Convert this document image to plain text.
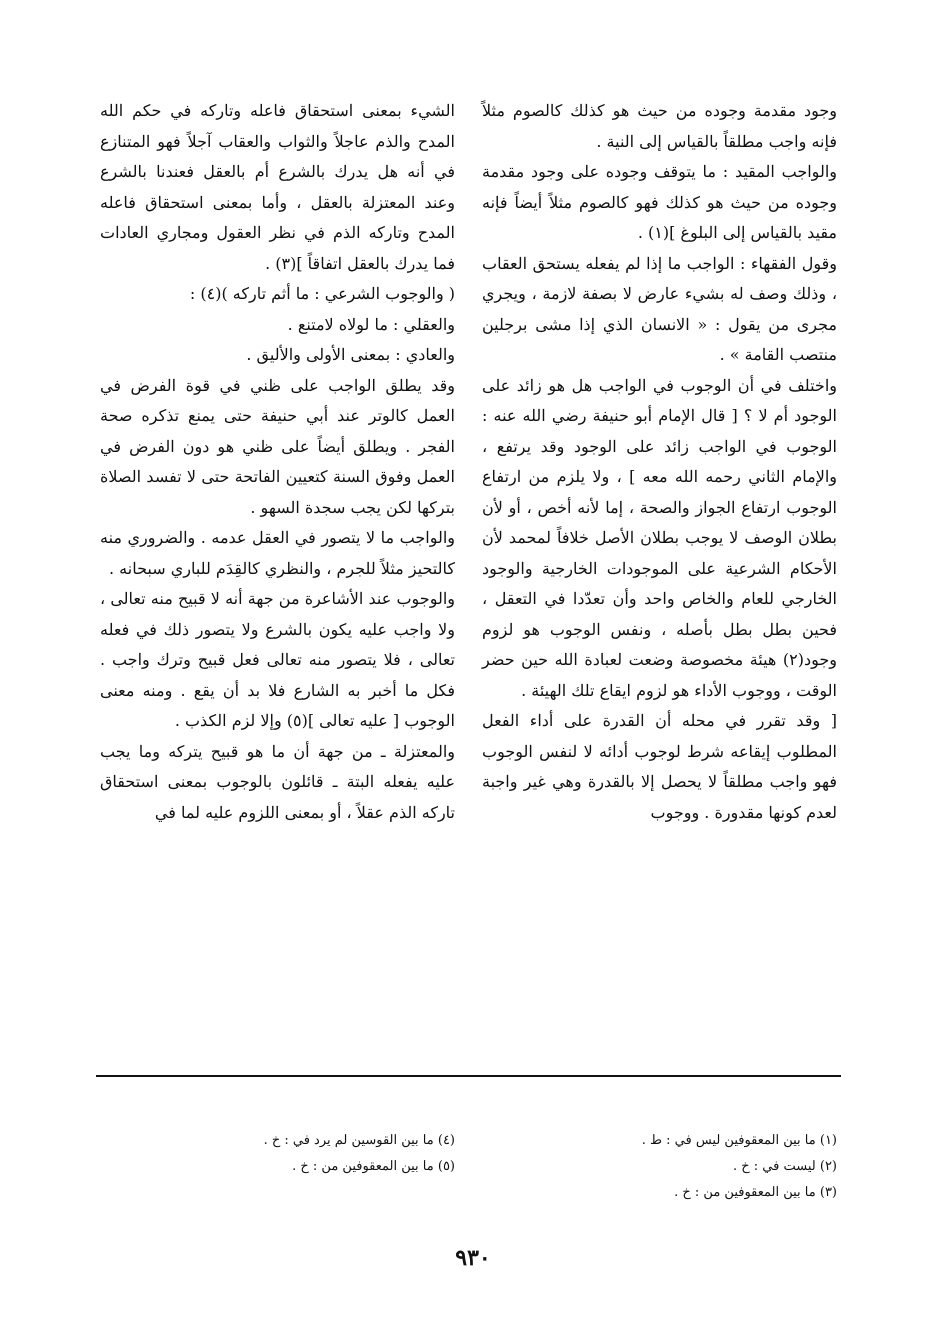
وجود مقدمة وجوده من حيث هو كذلك كالصوم مثلاً فإنه واجب مطلقاً بالقياس إلى النية .

والواجب المقيد : ما يتوقف وجوده على وجود مقدمة وجوده من حيث هو كذلك فهو كالصوم مثلاً أيضاً فإنه مقيد بالقياس إلى البلوغ ](١) .

وقول الفقهاء : الواجب ما إذا لم يفعله يستحق العقاب ، وذلك وصف له بشيء عارض لا بصفة لازمة ، ويجري مجرى من يقول : « الانسان الذي إذا مشى برجلين منتصب القامة » .

واختلف في أن الوجوب في الواجب هل هو زائد على الوجود أم لا ؟ [ قال الإمام أبو حنيفة رضي الله عنه : الوجوب في الواجب زائد على الوجود وقد يرتفع ، والإمام الثاني رحمه الله معه ] ، ولا يلزم من ارتفاع الوجوب ارتفاع الجواز والصحة ، إما لأنه أخص ، أو لأن بطلان الوصف لا يوجب بطلان الأصل خلافاً لمحمد لأن الأحكام الشرعية على الموجودات الخارجية والوجود الخارجي للعام والخاص واحد وأن تعدّدا في التعقل ، فحين بطل بطل بأصله ، ونفس الوجوب هو لزوم وجود(٢) هيئة مخصوصة وضعت لعبادة الله حين حضر الوقت ، ووجوب الأداء هو لزوم ايقاع تلك الهيئة .

[ وقد تقرر في محله أن القدرة على أداء الفعل المطلوب إيقاعه شرط لوجوب أدائه لا لنفس الوجوب فهو واجب مطلقاً لا يحصل إلا بالقدرة وهي غير واجبة لعدم كونها مقدورة . ووجوب

الشيء بمعنى استحقاق فاعله وتاركه في حكم الله المدح والذم عاجلاً والثواب والعقاب آجلاً فهو المتنازع في أنه هل يدرك بالشرع أم بالعقل فعندنا بالشرع وعند المعتزلة بالعقل ، وأما بمعنى استحقاق فاعله المدح وتاركه الذم في نظر العقول ومجاري العادات فما يدرك بالعقل اتفاقاً ](٣) .

( والوجوب الشرعي : ما أثم تاركه )(٤) :

والعقلي : ما لولاه لامتنع .

والعادي : بمعنى الأولى والأليق .

وقد يطلق الواجب على ظني في قوة الفرض في العمل كالوتر عند أبي حنيفة حتى يمنع تذكره صحة الفجر . ويطلق أيضاً على ظني هو دون الفرض في العمل وفوق السنة كتعيين الفاتحة حتى لا تفسد الصلاة بتركها لكن يجب سجدة السهو .

والواجب ما لا يتصور في العقل عدمه . والضروري منه كالتحيز مثلاً للجرم ، والنظري كالقِدَم للباري سبحانه .

والوجوب عند الأشاعرة من جهة أنه لا قبيح منه تعالى ، ولا واجب عليه يكون بالشرع ولا يتصور ذلك في فعله تعالى ، فلا يتصور منه تعالى فعل قبيح وترك واجب . فكل ما أخبر به الشارع فلا بد أن يقع . ومنه معنى الوجوب [ عليه تعالى ](٥) وإلا لزم الكذب .

والمعتزلة ـ من جهة أن ما هو قبيح يتركه وما يجب عليه يفعله البتة ـ قائلون بالوجوب بمعنى استحقاق تاركه الذم عقلاً ، أو بمعنى اللزوم عليه لما في

(١) ما بين المعقوفين ليس في : ط .
(٢) ليست في : خ .
(٣) ما بين المعقوفين من : خ .
(٤) ما بين القوسين لم يرد في : خ .
(٥) ما بين المعقوفين من : خ .
٩٣٠
